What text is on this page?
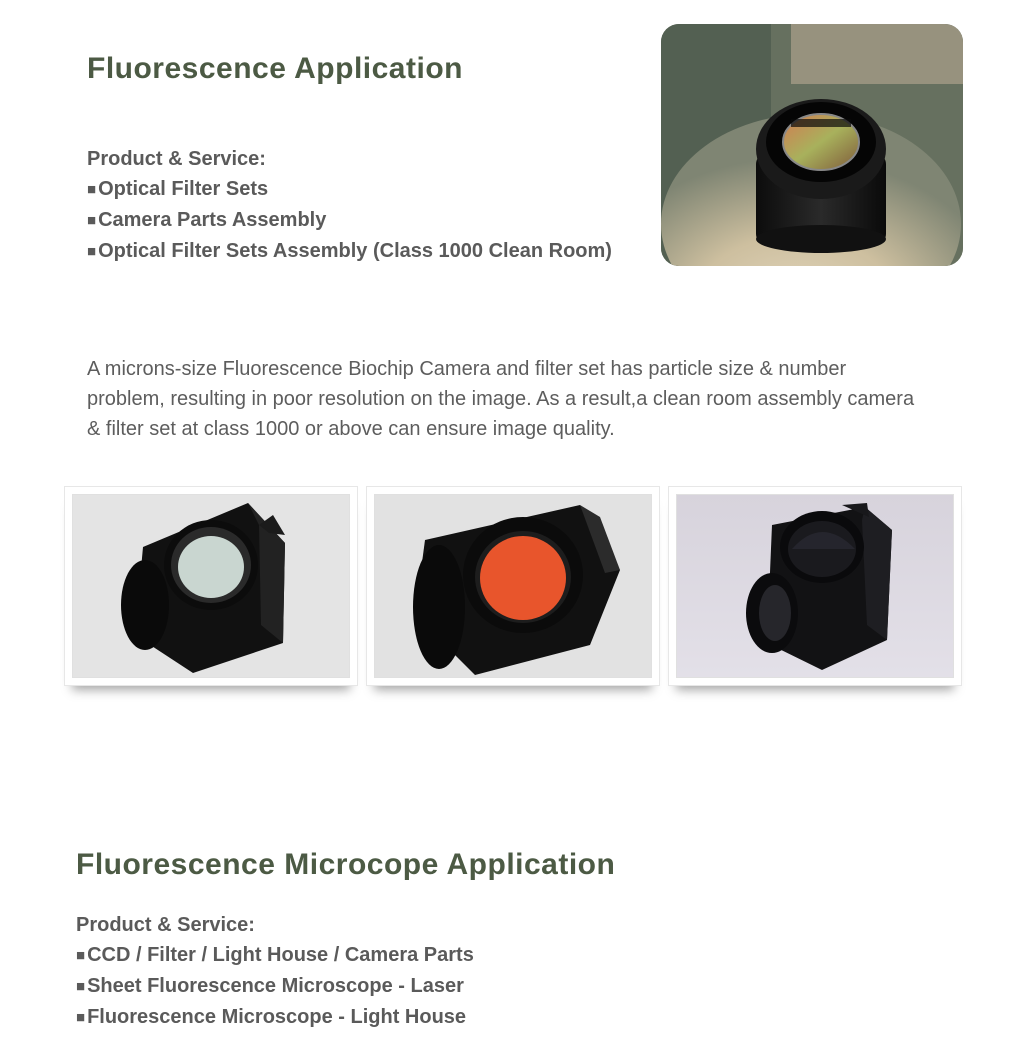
Fluorescence Application
Product & Service:
■ Optical Filter Sets
■ Camera Parts Assembly
■ Optical Filter Sets Assembly (Class 1000 Clean Room)

A microns-size Fluorescence Biochip Camera and filter set has particle size & number problem, resulting in poor resolution on the image. As a result,a clean room assembly camera & filter set at class 1000 or above can ensure image quality.

Fluorescence Microcope Application
Product & Service:
■ CCD / Filter / Light House / Camera Parts
■ Sheet Fluorescence Microscope - Laser
■ Fluorescence Microscope - Light House
